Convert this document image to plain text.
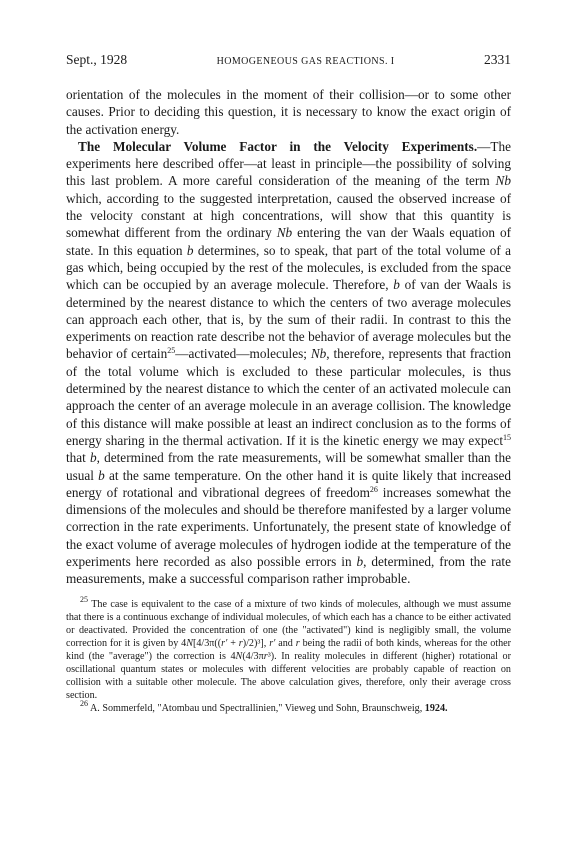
Sept., 1928	HOMOGENEOUS GAS REACTIONS. I	2331

orientation of the molecules in the moment of their collision—or to some other causes. Prior to deciding this question, it is necessary to know the exact origin of the activation energy.

The Molecular Volume Factor in the Velocity Experiments.—The experiments here described offer—at least in principle—the possibility of solving this last problem. A more careful consideration of the meaning of the term Nb which, according to the suggested interpretation, caused the observed increase of the velocity constant at high concentrations, will show that this quantity is somewhat different from the ordinary Nb entering the van der Waals equation of state. In this equation b determines, so to speak, that part of the total volume of a gas which, being occupied by the rest of the molecules, is excluded from the space which can be occupied by an average molecule. Therefore, b of van der Waals is determined by the nearest distance to which the centers of two average molecules can approach each other, that is, by the sum of their radii. In contrast to this the experiments on reaction rate describe not the behavior of average molecules but the behavior of certain$^{25}$—activated—molecules; Nb, therefore, represents that fraction of the total volume which is excluded to these particular molecules, is thus determined by the nearest distance to which the center of an activated molecule can approach the center of an average molecule in an average collision. The knowledge of this distance will make possible at least an indirect conclusion as to the forms of energy sharing in the thermal activation. If it is the kinetic energy we may expect$^{15}$ that b, determined from the rate measurements, will be somewhat smaller than the usual b at the same temperature. On the other hand it is quite likely that increased energy of rotational and vibrational degrees of freedom$^{26}$ increases somewhat the dimensions of the molecules and should be therefore manifested by a larger volume correction in the rate experiments. Unfortunately, the present state of knowledge of the exact volume of average molecules of hydrogen iodide at the temperature of the experiments here recorded as also possible errors in b, determined, from the rate measurements, make a successful comparison rather improbable.

$^{25}$ The case is equivalent to the case of a mixture of two kinds of molecules, although we must assume that there is a continuous exchange of individual molecules, of which each has a chance to be either activated or deactivated. Provided the concentration of one (the "activated") kind is negligibly small, the volume correction for it is given by 4N[4/3π((r′ + r)/2)³], r′ and r being the radii of both kinds, whereas for the other kind (the "average") the correction is 4N(4/3πr³). In reality molecules in different (higher) rotational or oscillational quantum states or molecules with different velocities are probably capable of reaction on collision with a suitable other molecule. The above calculation gives, therefore, only their average cross section.

$^{26}$ A. Sommerfeld, "Atombau und Spectrallinien," Vieweg und Sohn, Braunschweig, 1924.
